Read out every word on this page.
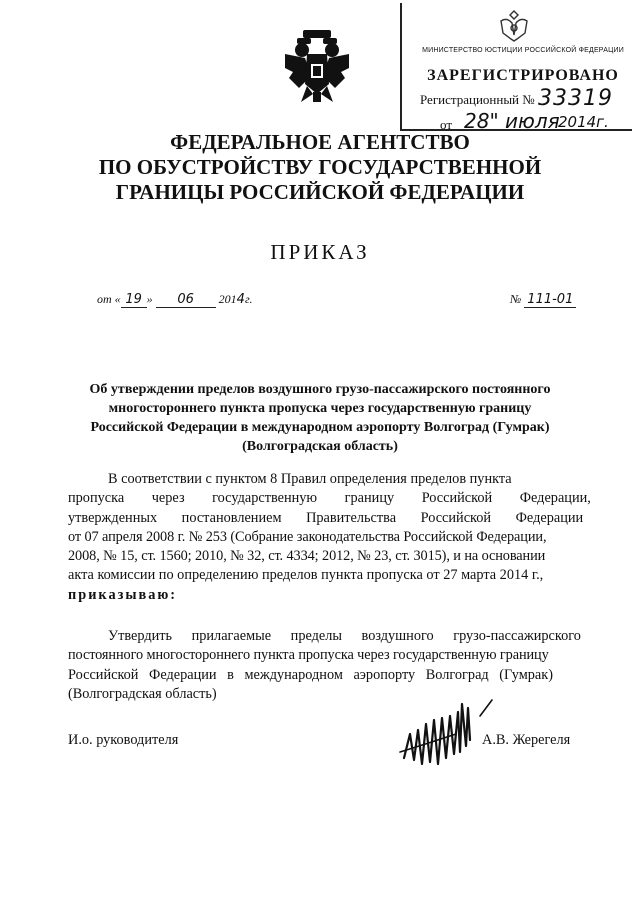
МИНИСТЕРСТВО ЮСТИЦИИ РОССИЙСКОЙ ФЕДЕРАЦИИ
ЗАРЕГИСТРИРОВАНО
Регистрационный № 33319
от 28" июля
2014г.
ФЕДЕРАЛЬНОЕ АГЕНТСТВО
ПО ОБУСТРОЙСТВУ ГОСУДАРСТВЕННОЙ
ГРАНИЦЫ РОССИЙСКОЙ ФЕДЕРАЦИИ
ПРИКАЗ
от « 19 » 06 2014г.	№ 111-01
Об утверждении пределов воздушного грузо-пассажирского постоянного
многостороннего пункта пропуска через государственную границу
Российской Федерации в международном аэропорту Волгоград (Гумрак)
(Волгоградская область)
В соответствии с пунктом 8 Правил определения пределов пункта
пропуска через государственную границу Российской Федерации,
утвержденных постановлением Правительства Российской Федерации
от 07 апреля 2008 г. № 253 (Собрание законодательства Российской Федерации,
2008, № 15, ст. 1560; 2010, № 32, ст. 4334; 2012, № 23, ст. 3015), и на основании
акта комиссии по определению пределов пункта пропуска от 27 марта 2014 г.,
приказываю:
Утвердить прилагаемые пределы воздушного грузо-пассажирского
постоянного многостороннего пункта пропуска через государственную границу
Российской Федерации в международном аэропорту Волгоград (Гумрак)
(Волгоградская область)
И.о. руководителя	А.В. Жерегеля
